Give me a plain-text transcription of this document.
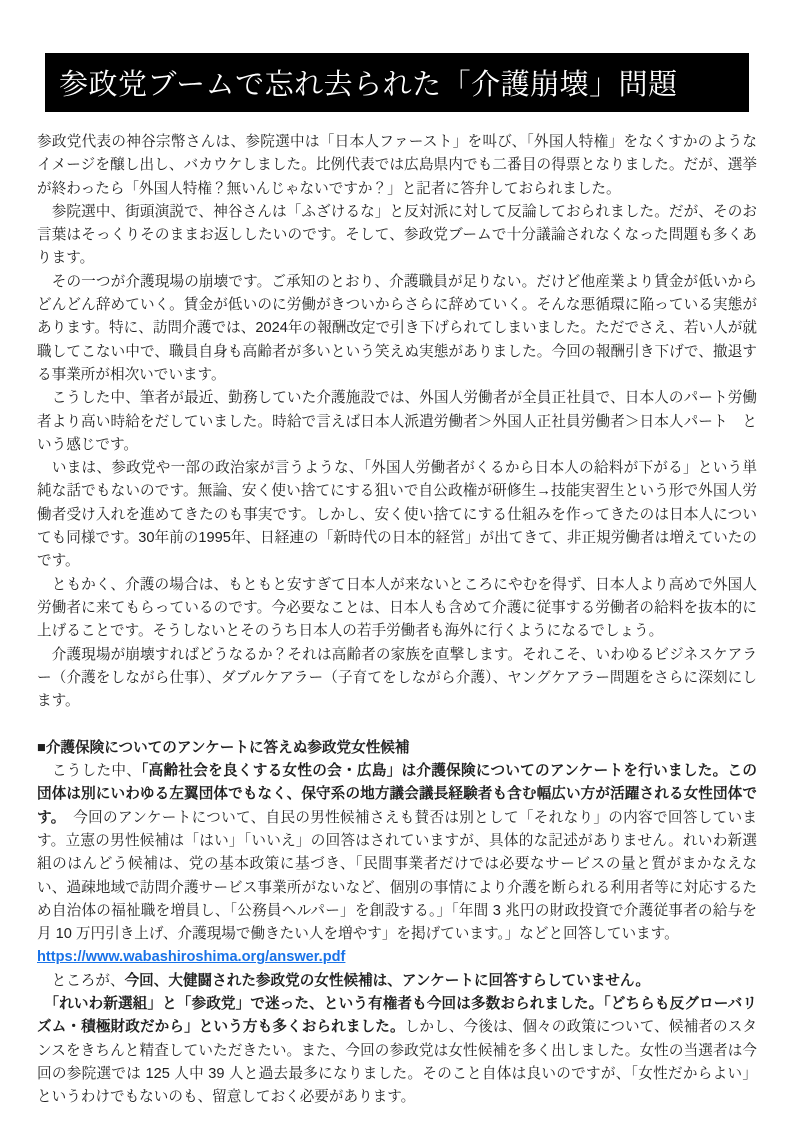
参政党ブームで忘れ去られた「介護崩壊」問題

参政党代表の神谷宗幣さんは、参院選中は「日本人ファースト」を叫び、「外国人特権」をなくすかのようなイメージを醸し出し、バカウケしました。比例代表では広島県内でも二番目の得票となりました。だが、選挙が終わったら「外国人特権？無いんじゃないですか？」と記者に答弁しておられました。

　参院選中、街頭演説で、神谷さんは「ふざけるな」と反対派に対して反論しておられました。だが、そのお言葉はそっくりそのままお返ししたいのです。そして、参政党ブームで十分議論されなくなった問題も多くあります。

　その一つが介護現場の崩壊です。ご承知のとおり、介護職員が足りない。だけど他産業より賃金が低いからどんどん辞めていく。賃金が低いのに労働がきついからさらに辞めていく。そんな悪循環に陥っている実態があります。特に、訪問介護では、2024年の報酬改定で引き下げられてしまいました。ただでさえ、若い人が就職してこない中で、職員自身も高齢者が多いという笑えぬ実態がありました。今回の報酬引き下げで、撤退する事業所が相次いでいます。

　こうした中、筆者が最近、勤務していた介護施設では、外国人労働者が全員正社員で、日本人のパート労働者より高い時給をだしていました。時給で言えば日本人派遣労働者＞外国人正社員労働者＞日本人パート　という感じです。

　いまは、参政党や一部の政治家が言うような、「外国人労働者がくるから日本人の給料が下がる」という単純な話でもないのです。無論、安く使い捨てにする狙いで自公政権が研修生→技能実習生という形で外国人労働者受け入れを進めてきたのも事実です。しかし、安く使い捨てにする仕組みを作ってきたのは日本人についても同様です。30年前の1995年、日経連の「新時代の日本的経営」が出てきて、非正規労働者は増えていたのです。

　ともかく、介護の場合は、もともと安すぎて日本人が来ないところにやむを得ず、日本人より高めで外国人労働者に来てもらっているのです。今必要なことは、日本人も含めて介護に従事する労働者の給料を抜本的に上げることです。そうしないとそのうち日本人の若手労働者も海外に行くようになるでしょう。

　介護現場が崩壊すればどうなるか？それは高齢者の家族を直撃します。それこそ、いわゆるビジネスケアラー（介護をしながら仕事）、ダブルケアラー（子育てをしながら介護）、ヤングケアラー問題をさらに深刻にします。

■介護保険についてのアンケートに答えぬ参政党女性候補

　こうした中、「高齢社会を良くする女性の会・広島」は介護保険についてのアンケートを行いました。この団体は別にいわゆる左翼団体でもなく、保守系の地方議会議長経験者も含む幅広い方が活躍される女性団体です。　今回のアンケートについて、自民の男性候補さえも賛否は別として「それなり」の内容で回答しています。立憲の男性候補は「はい」「いいえ」の回答はされていますが、具体的な記述がありません。れいわ新選組のはんどう候補は、党の基本政策に基づき、「民間事業者だけでは必要なサービスの量と質がまかなえない、過疎地域で訪問介護サービス事業所がないなど、個別の事情により介護を断られる利用者等に対応するため自治体の福祉職を増員し、「公務員ヘルパー」を創設する。」「年間 3 兆円の財政投資で介護従事者の給与を月 10 万円引き上げ、介護現場で働きたい人を増やす」を掲げています。」などと回答しています。

https://www.wabashiroshima.org/answer.pdf

　ところが、今回、大健闘された参政党の女性候補は、アンケートに回答すらしていません。

　「れいわ新選組」と「参政党」で迷った、という有権者も今回は多数おられました。「どちらも反グローバリズム・積極財政だから」という方も多くおられました。しかし、今後は、個々の政策について、候補者のスタンスをきちんと精査していただきたい。また、今回の参政党は女性候補を多く出しました。女性の当選者は今回の参院選では 125 人中 39 人と過去最多になりました。そのこと自体は良いのですが、「女性だからよい」というわけでもないのも、留意しておく必要があります。
